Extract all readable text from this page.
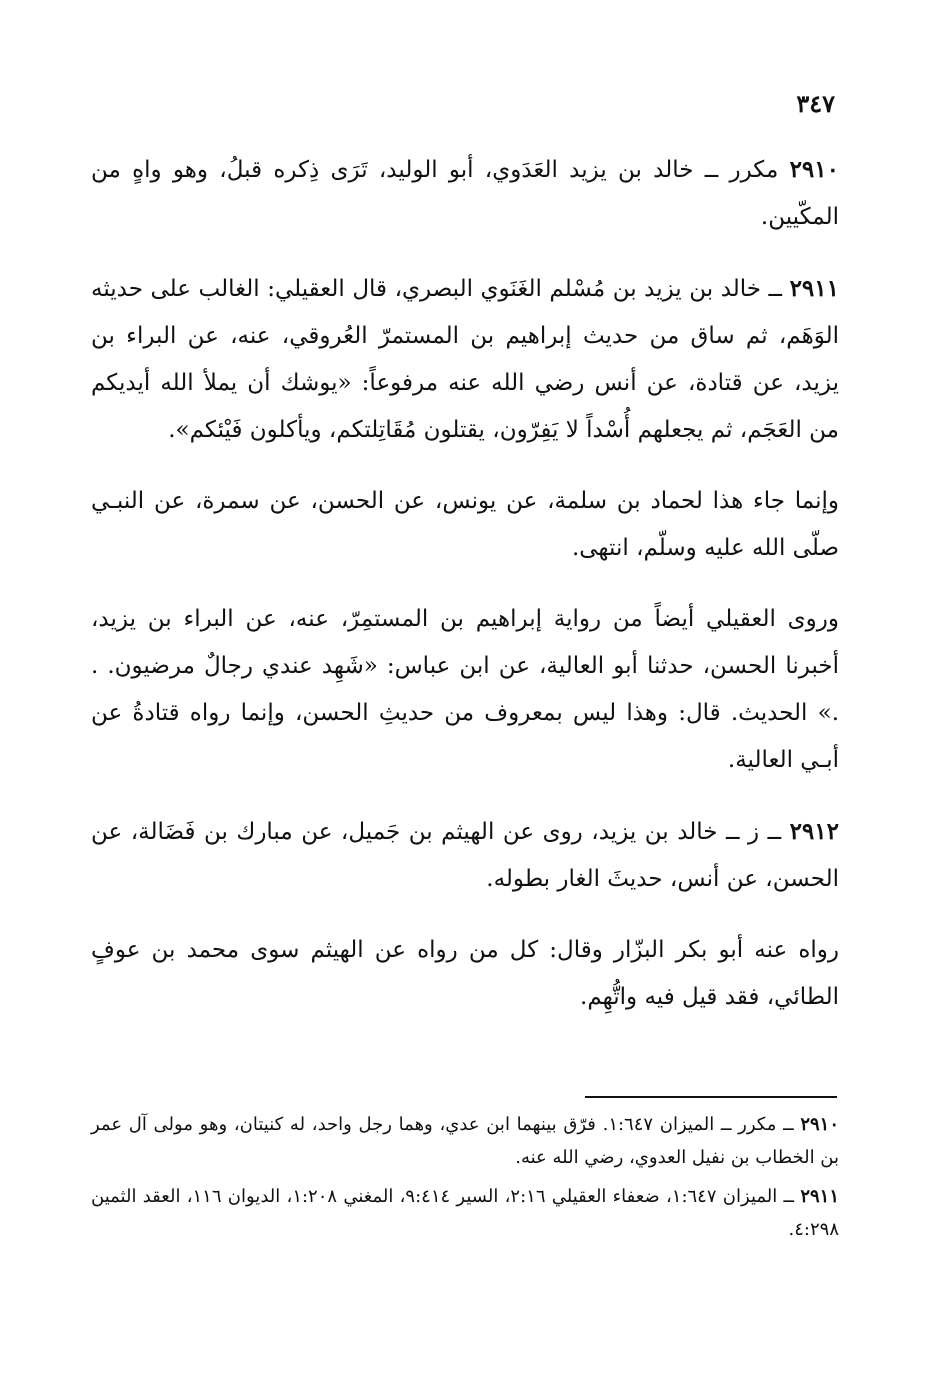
٣٤٧

٢٩١٠ مكرر ــ خالد بن يزيد العَدَوي، أبو الوليد، تَرَى ذِكره قبلُ، وهو واهٍ من المكّيين.

٢٩١١ ــ خالد بن يزيد بن مُسْلم الغَنَوي البصري، قال العقيلي: الغالب على حديثه الوَهَم، ثم ساق من حديث إبراهيم بن المستمرّ العُروقي، عنه، عن البراء بن يزيد، عن قتادة، عن أنس رضي الله عنه مرفوعاً: «يوشك أن يملأ الله أيديكم من العَجَم، ثم يجعلهم أُسْداً لا يَفِرّون، يقتلون مُقَاتِلتكم، ويأكلون فَيْئكم».

وإنما جاء هذا لحماد بن سلمة، عن يونس، عن الحسن، عن سمرة، عن النبـي صلّى الله عليه وسلّم، انتهى.

وروى العقيلي أيضاً من رواية إبراهيم بن المستمِرّ، عنه، عن البراء بن يزيد، أخبرنا الحسن، حدثنا أبو العالية، عن ابن عباس: «شَهِد عندي رجالٌ مرضيون. . .» الحديث. قال: وهذا ليس بمعروف من حديثِ الحسن، وإنما رواه قتادةُ عن أبـي العالية.

٢٩١٢ ــ ز ــ خالد بن يزيد، روى عن الهيثم بن جَميل، عن مبارك بن فَضَالة، عن الحسن، عن أنس، حديثَ الغار بطوله.

رواه عنه أبو بكر البزّار وقال: كل من رواه عن الهيثم سوى محمد بن عوفٍ الطائي، فقد قيل فيه واتُّهِم.

٢٩١٠ ــ مكرر ــ الميزان ١:٦٤٧. فرّق بينهما ابن عدي، وهما رجل واحد، له كنيتان، وهو مولى آل عمر بن الخطاب بن نفيل العدوي، رضي الله عنه.

٢٩١١ ــ الميزان ١:٦٤٧، ضعفاء العقيلي ٢:١٦، السير ٩:٤١٤، المغني ١:٢٠٨، الديوان ١١٦، العقد الثمين ٤:٢٩٨.
